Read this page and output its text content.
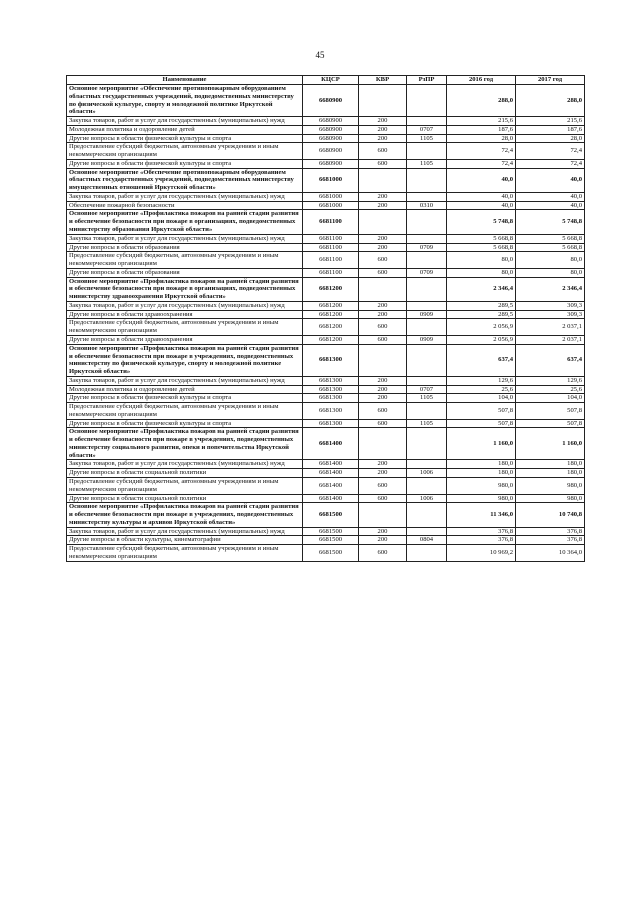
45
Наименование	КЦСР	КВР	РзПР	2016 год	2017 год
Основное мероприятие «Обеспечение противопожарным оборудованием областных государственных учреждений, подведомственных министерству по физической культуре, спорту и молодежной политике Иркутской области»	6680900			288,0	288,0
Закупка товаров, работ и услуг для государственных (муниципальных) нужд	6680900	200		215,6	215,6
Молодежная политика и оздоровление детей	6680900	200	0707	187,6	187,6
Другие вопросы в области физической культуры и спорта	6680900	200	1105	28,0	28,0
Предоставление субсидий бюджетным, автономным учреждениям и иным некоммерческим организациям	6680900	600		72,4	72,4
Другие вопросы в области физической культуры и спорта	6680900	600	1105	72,4	72,4
Основное мероприятие «Обеспечение противопожарным оборудованием областных государственных учреждений, подведомственных министерству имущественных отношений Иркутской области»	6681000			40,0	40,0
Закупка товаров, работ и услуг для государственных (муниципальных) нужд	6681000	200		40,0	40,0
Обеспечение пожарной безопасности	6681000	200	0310	40,0	40,0
Основное мероприятие «Профилактика пожаров на ранней стадии развития и обеспечение безопасности при пожаре в организациях, подведомственных министерству образования Иркутской области»	6681100			5 748,8	5 748,8
Закупка товаров, работ и услуг для государственных (муниципальных) нужд	6681100	200		5 668,8	5 668,8
Другие вопросы в области образования	6681100	200	0709	5 668,8	5 668,8
Предоставление субсидий бюджетным, автономным учреждениям и иным некоммерческим организациям	6681100	600		80,0	80,0
Другие вопросы в области образования	6681100	600	0709	80,0	80,0
Основное мероприятие «Профилактика пожаров на ранней стадии развития и обеспечение безопасности при пожаре в организациях, подведомственных министерству здравоохранения Иркутской области»	6681200			2 346,4	2 346,4
Закупка товаров, работ и услуг для государственных (муниципальных) нужд	6681200	200		289,5	309,3
Другие вопросы в области здравоохранения	6681200	200	0909	289,5	309,3
Предоставление субсидий бюджетным, автономным учреждениям и иным некоммерческим организациям	6681200	600		2 056,9	2 037,1
Другие вопросы в области здравоохранения	6681200	600	0909	2 056,9	2 037,1
Основное мероприятие «Профилактика пожаров на ранней стадии развития и обеспечение безопасности при пожаре в учреждениях, подведомственных министерству по физической культуре, спорту и молодежной политике Иркутской области»	6681300			637,4	637,4
Закупка товаров, работ и услуг для государственных (муниципальных) нужд	6681300	200		129,6	129,6
Молодежная политика и оздоровление детей	6681300	200	0707	25,6	25,6
Другие вопросы в области физической культуры и спорта	6681300	200	1105	104,0	104,0
Предоставление субсидий бюджетным, автономным учреждениям и иным некоммерческим организациям	6681300	600		507,8	507,8
Другие вопросы в области физической культуры и спорта	6681300	600	1105	507,8	507,8
Основное мероприятие «Профилактика пожаров на ранней стадии развития и обеспечение безопасности при пожаре в учреждениях, подведомственных министерству социального развития, опеки и попечительства Иркутской области»	6681400			1 160,0	1 160,0
Закупка товаров, работ и услуг для государственных (муниципальных) нужд	6681400	200		180,0	180,0
Другие вопросы в области социальной политики	6681400	200	1006	180,0	180,0
Предоставление субсидий бюджетным, автономным учреждениям и иным некоммерческим организациям	6681400	600		980,0	980,0
Другие вопросы в области социальной политики	6681400	600	1006	980,0	980,0
Основное мероприятие «Профилактика пожаров на ранней стадии развития и обеспечение безопасности при пожаре в учреждениях, подведомственных министерству культуры и архивов Иркутской области»	6681500			11 346,0	10 740,8
Закупка товаров, работ и услуг для государственных (муниципальных) нужд	6681500	200		376,8	376,8
Другие вопросы в области культуры, кинематографии	6681500	200	0804	376,8	376,8
Предоставление субсидий бюджетным, автономным учреждениям и иным некоммерческим организациям	6681500	600		10 969,2	10 364,0
